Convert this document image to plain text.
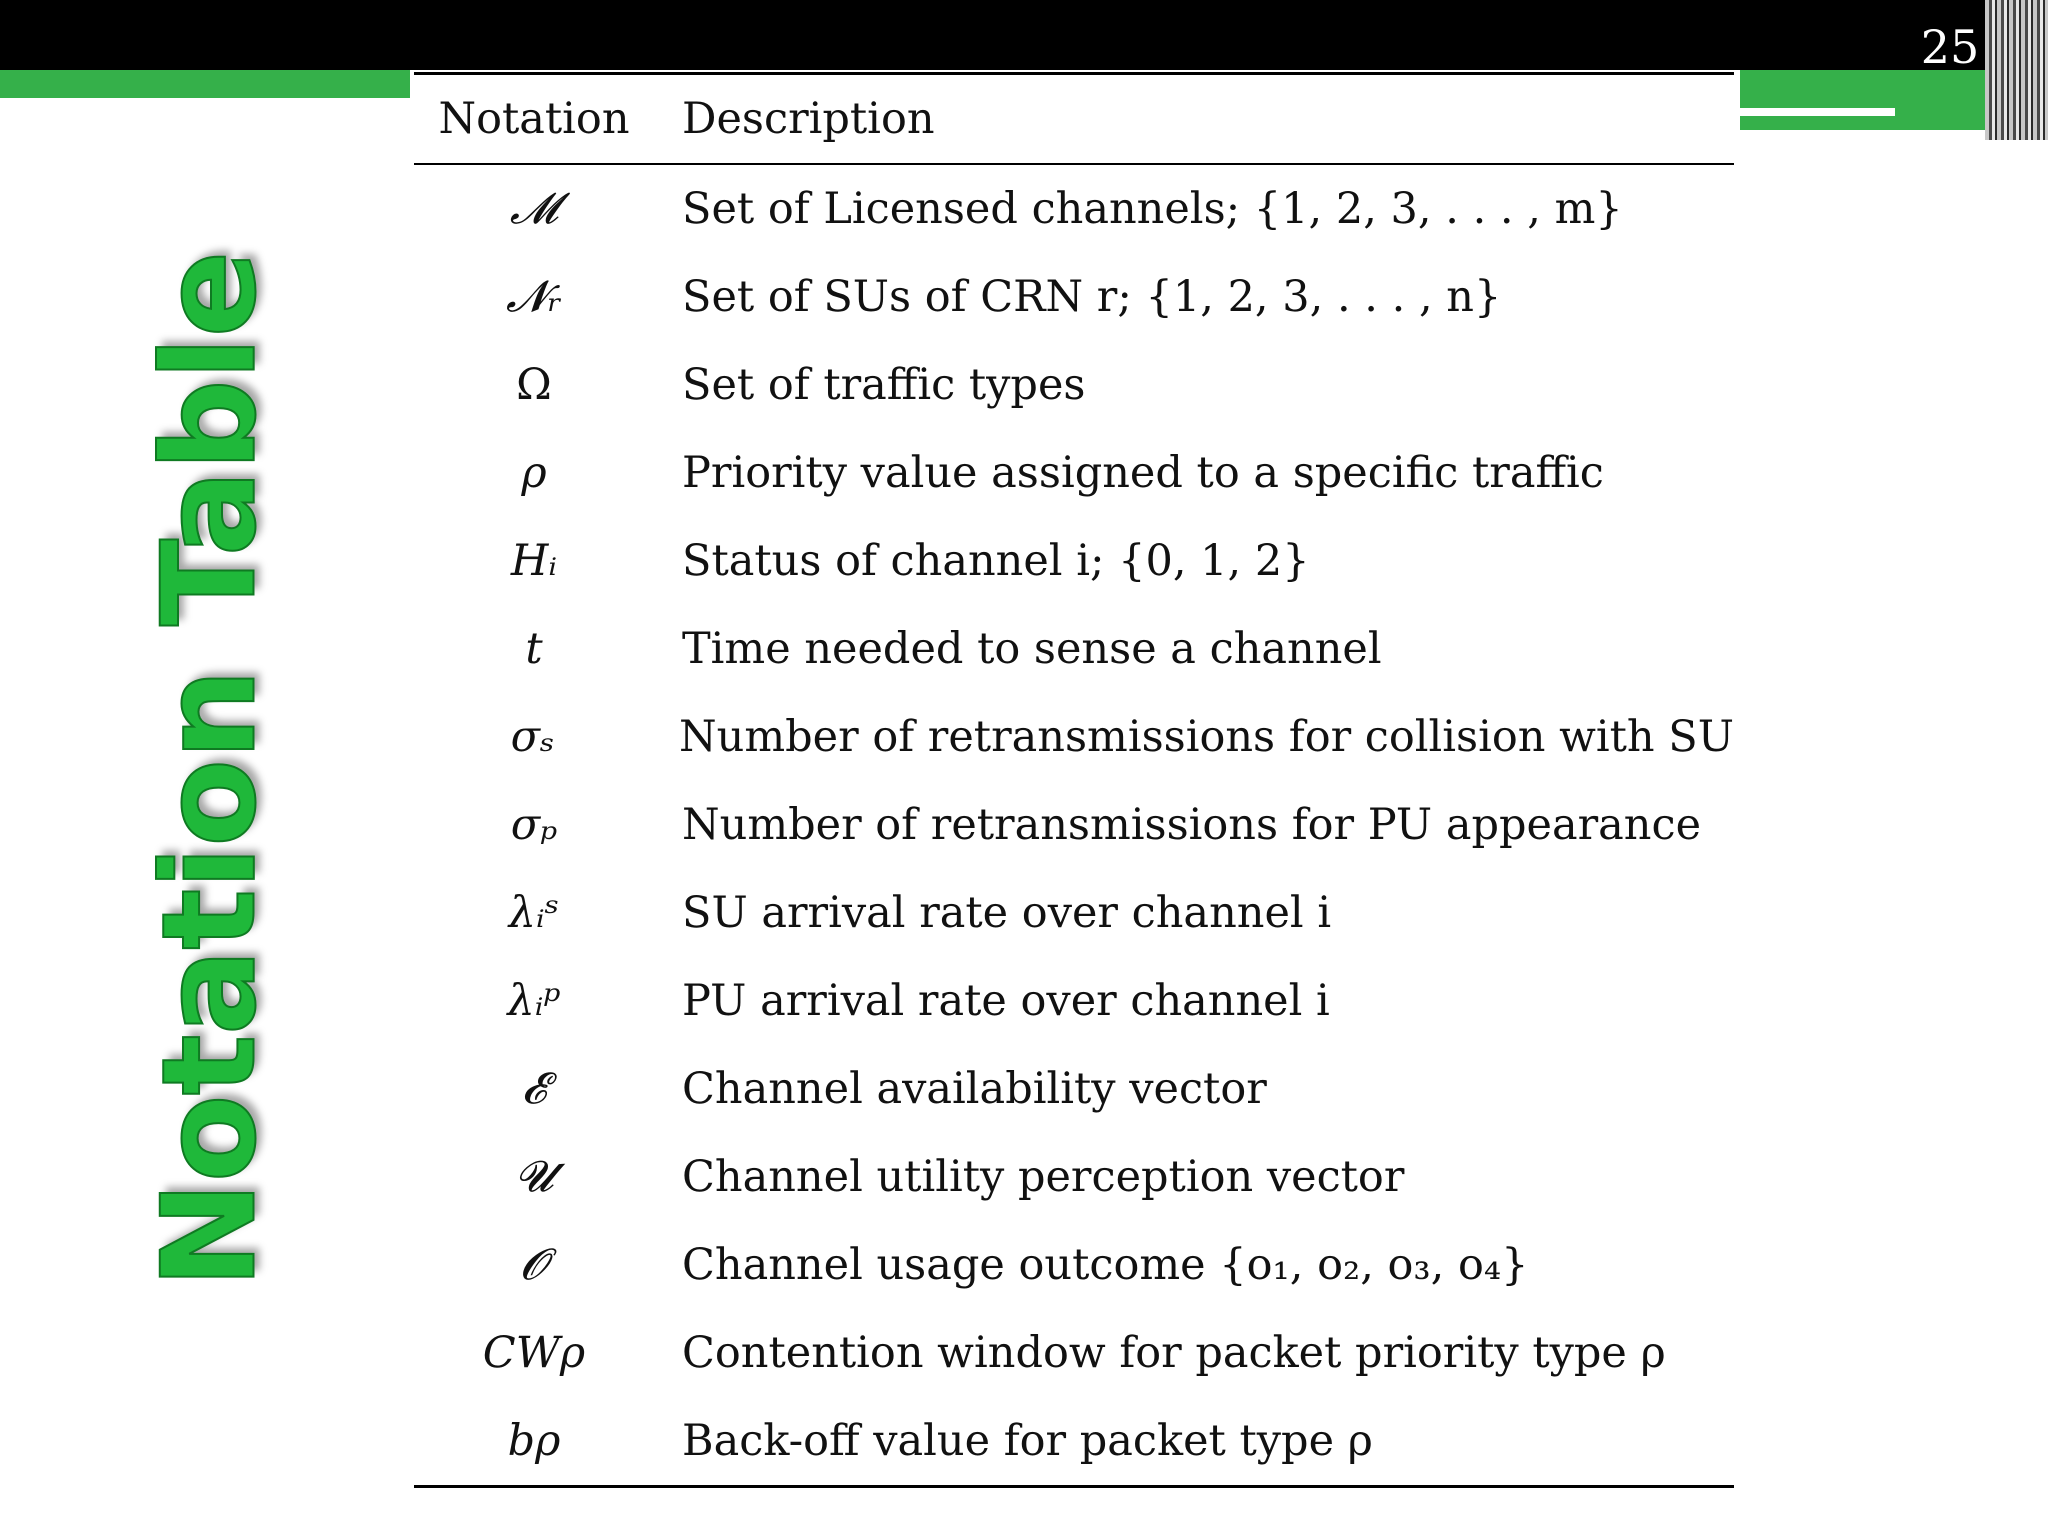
25
Notation Table
Notation	Description
𝓜	Set of Licensed channels; {1, 2, 3, . . . , m}
𝓝ᵣ	Set of SUs of CRN r; {1, 2, 3, . . . , n}
Ω	Set of traffic types
ρ	Priority value assigned to a specific traffic
Hᵢ	Status of channel i; {0, 1, 2}
t	Time needed to sense a channel
σₛ	Number of retransmissions for collision with SU
σₚ	Number of retransmissions for PU appearance
λᵢˢ	SU arrival rate over channel i
λᵢᵖ	PU arrival rate over channel i
𝓔	Channel availability vector
𝓤	Channel utility perception vector
𝓞	Channel usage outcome {o₁, o₂, o₃, o₄}
CWρ	Contention window for packet priority type ρ
bρ	Back-off value for packet type ρ
